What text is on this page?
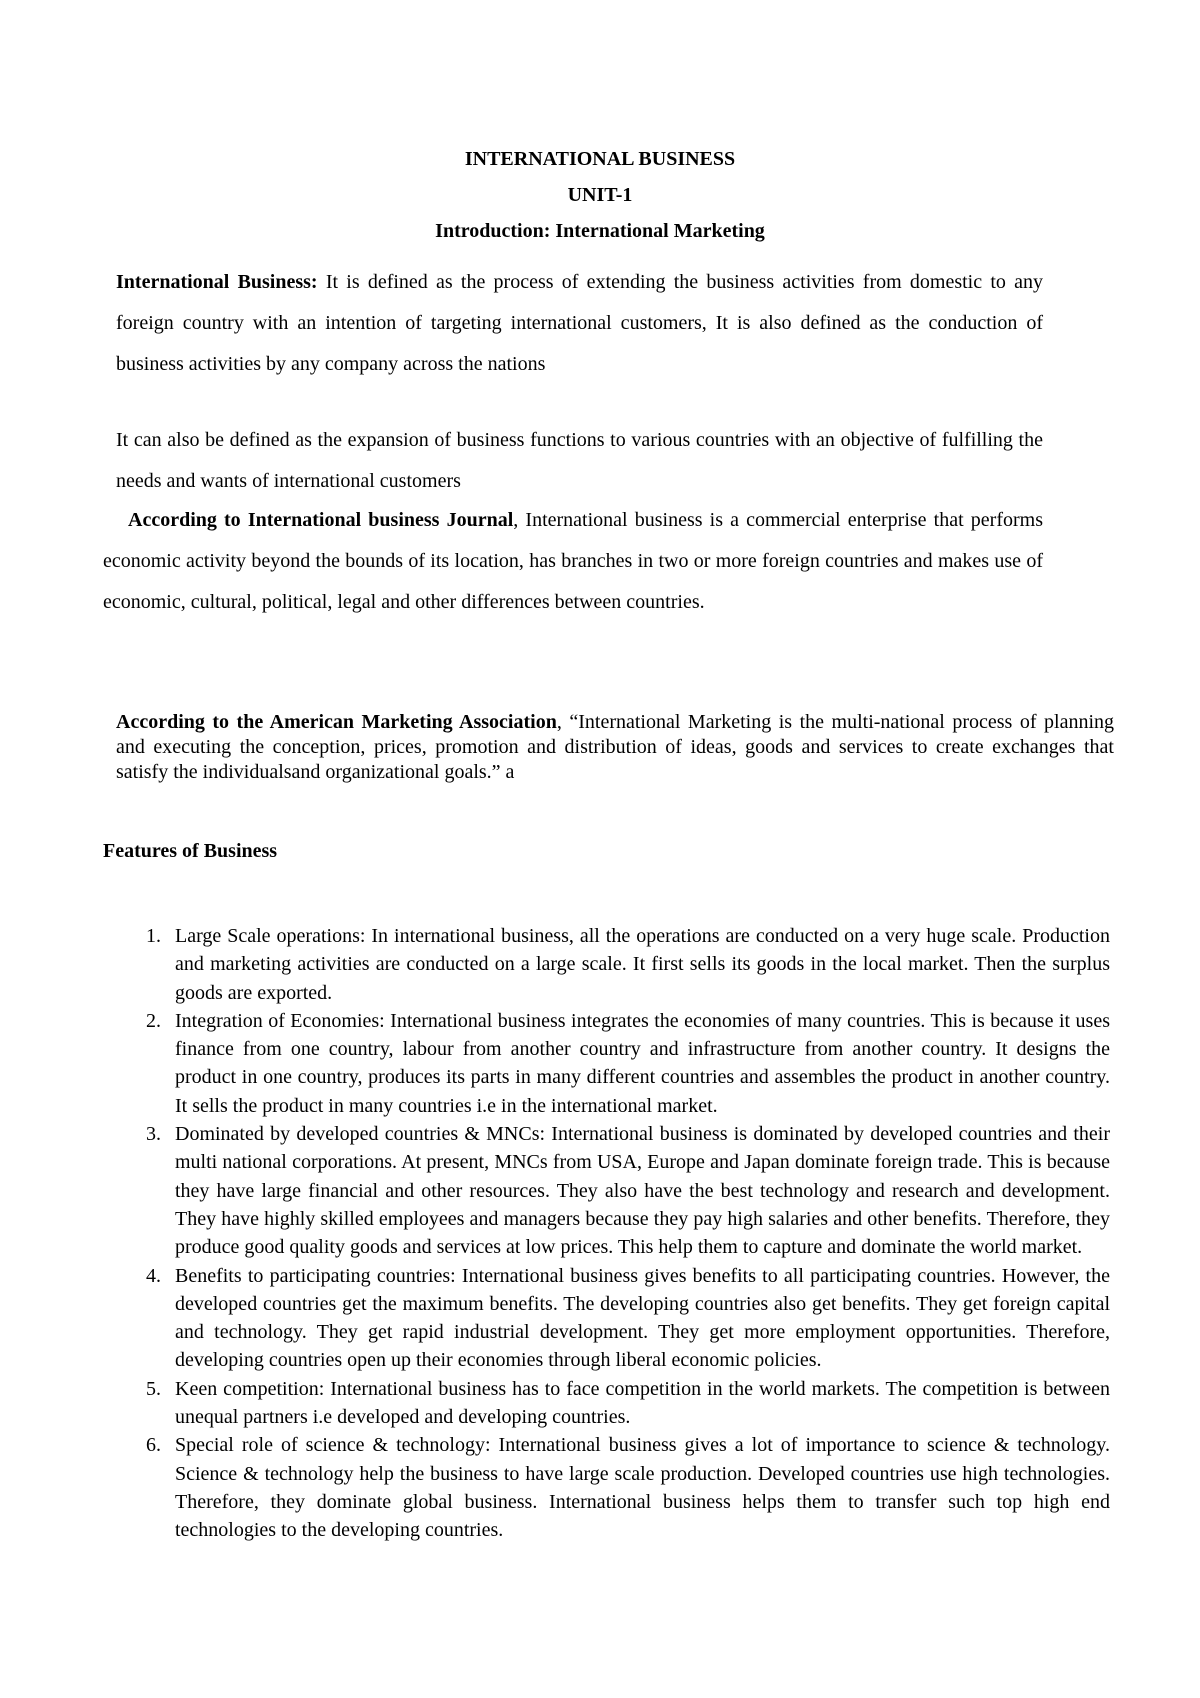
INTERNATIONAL BUSINESS
UNIT-1
Introduction: International Marketing

International Business: It is defined as the process of extending the business activities from domestic to any foreign country with an intention of targeting international customers, It is also defined as the conduction of business activities by any company across the nations

It can also be defined as the expansion of business functions to various countries with an objective of fulfilling the needs and wants of international customers

According to International business Journal, International business is a commercial enterprise that performs economic activity beyond the bounds of its location, has branches in two or more foreign countries and makes use of economic, cultural, political, legal and other differences between countries.

According to the American Marketing Association, “International Marketing is the multi-national process of planning and executing the conception, prices, promotion and distribution of ideas, goods and services to create exchanges that satisfy the individualsand organizational goals.” a

Features of Business
1. Large Scale operations: In international business, all the operations are conducted on a very huge scale. Production and marketing activities are conducted on a large scale. It first sells its goods in the local market. Then the surplus goods are exported.
2. Integration of Economies: International business integrates the economies of many countries. This is because it uses finance from one country, labour from another country and infrastructure from another country. It designs the product in one country, produces its parts in many different countries and assembles the product in another country. It sells the product in many countries i.e in the international market.
3. Dominated by developed countries & MNCs: International business is dominated by developed countries and their multi national corporations. At present, MNCs from USA, Europe and Japan dominate foreign trade. This is because they have large financial and other resources. They also have the best technology and research and development. They have highly skilled employees and managers because they pay high salaries and other benefits. Therefore, they produce good quality goods and services at low prices. This help them to capture and dominate the world market.
4. Benefits to participating countries: International business gives benefits to all participating countries. However, the developed countries get the maximum benefits. The developing countries also get benefits. They get foreign capital and technology. They get rapid industrial development. They get more employment opportunities. Therefore, developing countries open up their economies through liberal economic policies.
5. Keen competition: International business has to face competition in the world markets. The competition is between unequal partners i.e developed and developing countries.
6. Special role of science & technology: International business gives a lot of importance to science & technology. Science & technology help the business to have large scale production. Developed countries use high technologies. Therefore, they dominate global business. International business helps them to transfer such top high end technologies to the developing countries.
